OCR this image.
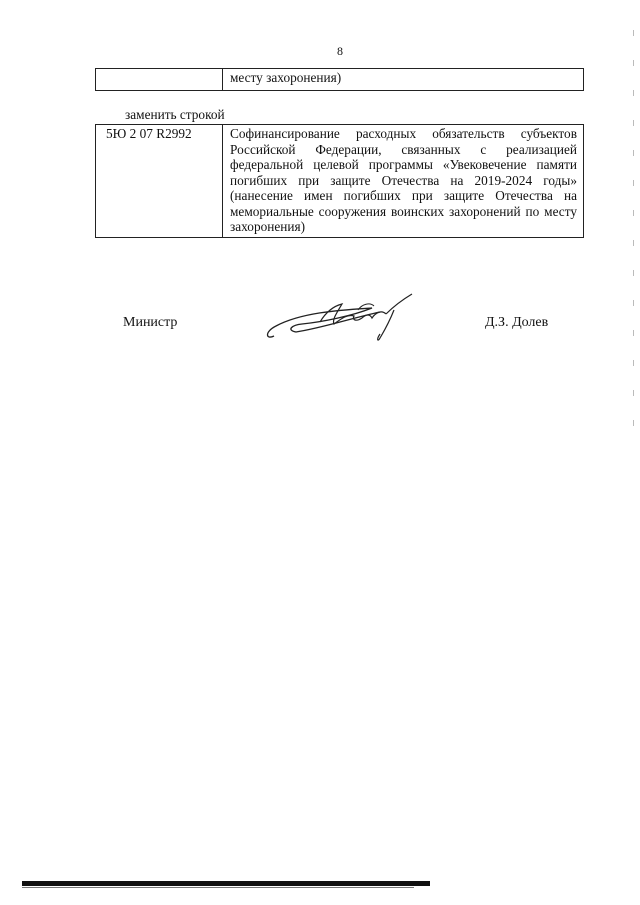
8
	месту захоронения)
заменить строкой
5Ю 2 07 R2992	Софинансирование расходных обязательств субъектов Российской Федерации, связанных с реализацией федеральной целевой программы «Увековечение памяти погибших при защите Отечества на 2019-2024 годы» (нанесение имен погибших при защите Отечества на мемориальные сооружения воинских захоронений по месту захоронения)
Министр	Д.З. Долев
